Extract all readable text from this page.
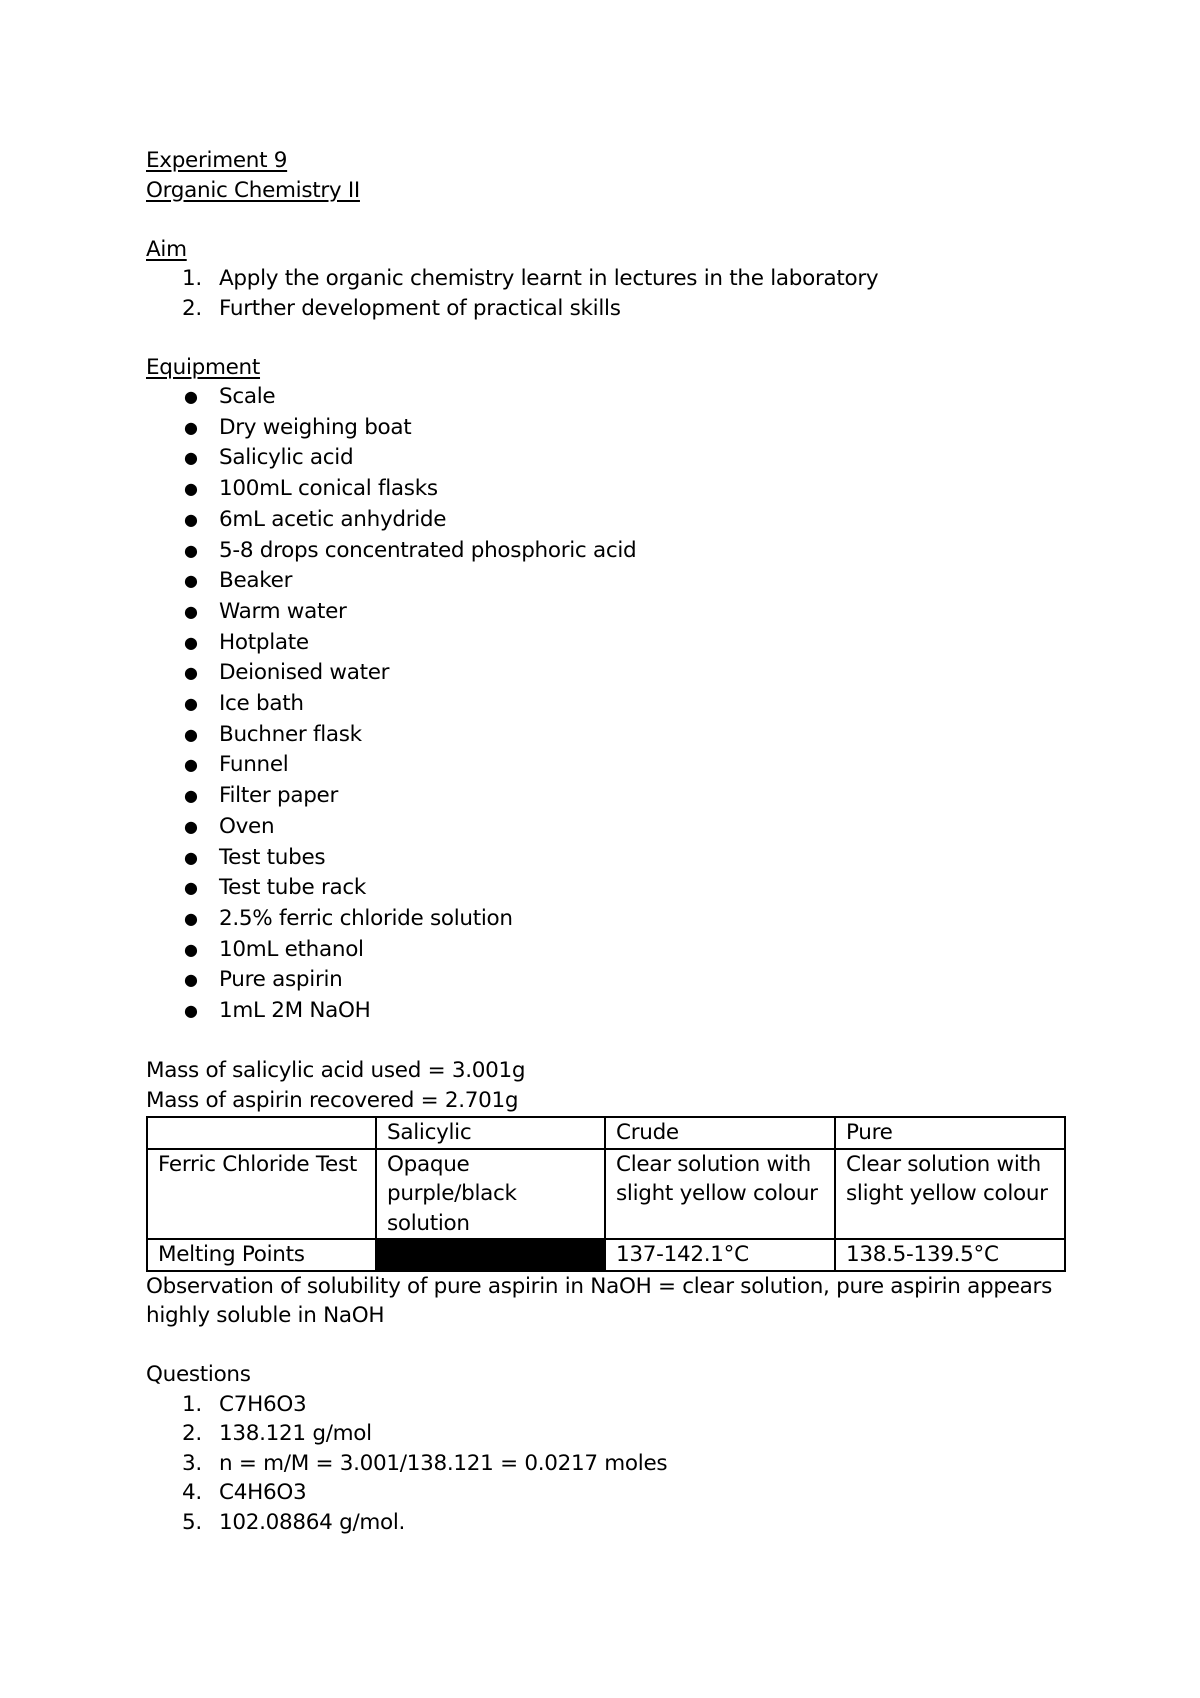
Experiment 9
Organic Chemistry II
Aim
1. Apply the organic chemistry learnt in lectures in the laboratory
2. Further development of practical skills
Equipment
● Scale
● Dry weighing boat
● Salicylic acid
● 100mL conical flasks
● 6mL acetic anhydride
● 5-8 drops concentrated phosphoric acid
● Beaker
● Warm water
● Hotplate
● Deionised water
● Ice bath
● Buchner flask
● Funnel
● Filter paper
● Oven
● Test tubes
● Test tube rack
● 2.5% ferric chloride solution
● 10mL ethanol
● Pure aspirin
● 1mL 2M NaOH
Mass of salicylic acid used = 3.001g
Mass of aspirin recovered = 2.701g
	Salicylic	Crude	Pure
Ferric Chloride Test	Opaque purple/black solution	Clear solution with slight yellow colour	Clear solution with slight yellow colour
Melting Points		137-142.1°C	138.5-139.5°C
Observation of solubility of pure aspirin in NaOH = clear solution, pure aspirin appears highly soluble in NaOH
Questions
1. C7H6O3
2. 138.121 g/mol
3. n = m/M = 3.001/138.121 = 0.0217 moles
4. C4H6O3
5. 102.08864 g/mol.
